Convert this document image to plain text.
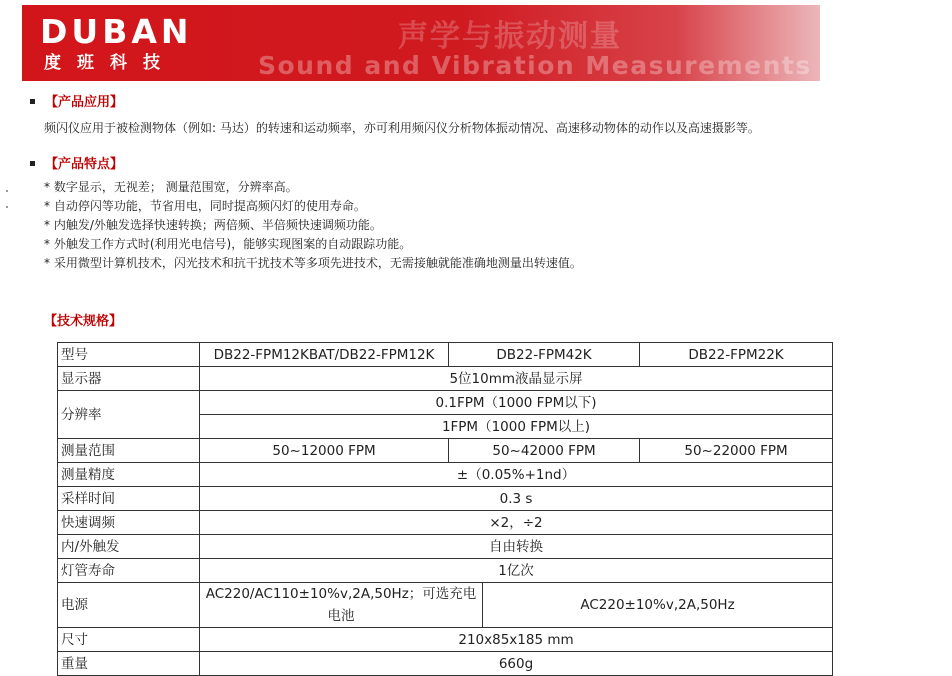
DUBAN
度班科技
声学与振动测量
Sound and Vibration Measurements
【产品应用】
频闪仪应用于被检测物体（例如: 马达）的转速和运动频率，亦可利用频闪仪分析物体振动情况、高速移动物体的动作以及高速摄影等。
【产品特点】
* 数字显示，无视差； 测量范围宽，分辨率高。
* 自动停闪等功能，节省用电，同时提高频闪灯的使用寿命。
* 内触发/外触发选择快速转换；两倍频、半倍频快速调频功能。
* 外触发工作方式时(利用光电信号)，能够实现图案的自动跟踪功能。
* 采用微型计算机技术，闪光技术和抗干扰技术等多项先进技术，无需接触就能准确地测量出转速值。
【技术规格】
型号	DB22-FPM12KBAT/DB22-FPM12K	DB22-FPM42K		DB22-FPM22K
显示器	5位10mm液晶显示屏			
分辨率	0.1FPM（1000 FPM以下)			
	1FPM（1000 FPM以上)			
测量范围	50~12000 FPM	50~42000 FPM		50~22000 FPM
测量精度	±（0.05%+1nd）			
采样时间	0.3 s			
快速调频	×2，÷2			
内/外触发	自由转换			
灯管寿命	1亿次			
电源	AC220/AC110±10%v,2A,50Hz；可选充电电池		AC220±10%v,2A,50Hz	
尺寸	210x85x185 mm			
重量	660g			
